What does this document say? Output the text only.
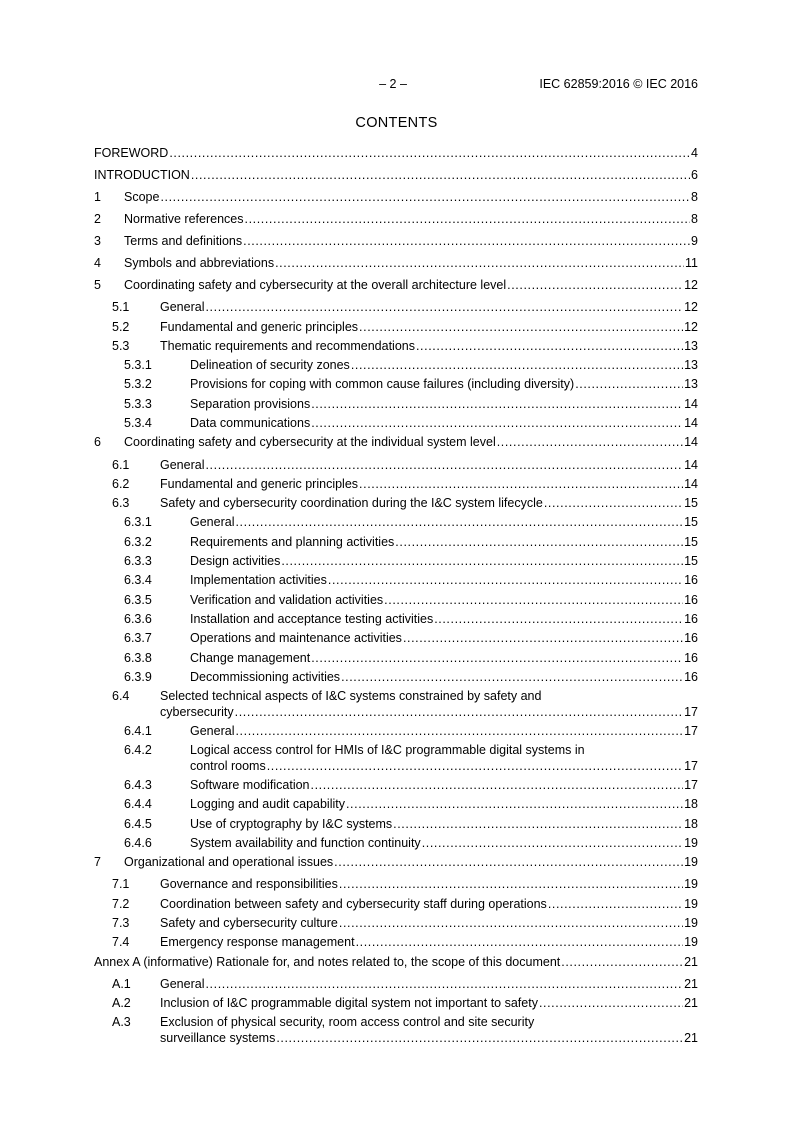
– 2 –	IEC 62859:2016 © IEC 2016
CONTENTS
FOREWORD .....	4
INTRODUCTION .....	6
1 Scope .....	8
2 Normative references .....	8
3 Terms and definitions .....	9
4 Symbols and abbreviations .....	11
5 Coordinating safety and cybersecurity at the overall architecture level .....	12
5.1 General .....	12
5.2 Fundamental and generic principles .....	12
5.3 Thematic requirements and recommendations .....	13
5.3.1	Delineation of security zones .....	13
5.3.2	Provisions for coping with common cause failures (including diversity) .....	13
5.3.3	Separation provisions .....	14
5.3.4	Data communications .....	14
6 Coordinating safety and cybersecurity at the individual system level .....	14
6.1 General .....	14
6.2 Fundamental and generic principles .....	14
6.3 Safety and cybersecurity coordination during the I&C system lifecycle .....	15
6.3.1	General .....	15
6.3.2	Requirements and planning activities .....	15
6.3.3	Design activities .....	15
6.3.4	Implementation activities .....	16
6.3.5	Verification and validation activities .....	16
6.3.6	Installation and acceptance testing activities .....	16
6.3.7	Operations and maintenance activities .....	16
6.3.8	Change management .....	16
6.3.9	Decommissioning activities .....	16
6.4 Selected technical aspects of I&C systems constrained by safety and
cybersecurity .....	17
6.4.1	General .....	17
6.4.2	Logical access control for HMIs of I&C programmable digital systems in
control rooms .....	17
6.4.3	Software modification .....	17
6.4.4	Logging and audit capability .....	18
6.4.5	Use of cryptography by I&C systems .....	18
6.4.6	System availability and function continuity .....	19
7 Organizational and operational issues .....	19
7.1 Governance and responsibilities .....	19
7.2 Coordination between safety and cybersecurity staff during operations .....	19
7.3 Safety and cybersecurity culture .....	19
7.4 Emergency response management .....	19
Annex A (informative) Rationale for, and notes related to, the scope of this document .....	21
A.1 General .....	21
A.2 Inclusion of I&C programmable digital system not important to safety .....	21
A.3 Exclusion of physical security, room access control and site security
surveillance systems .....	21
